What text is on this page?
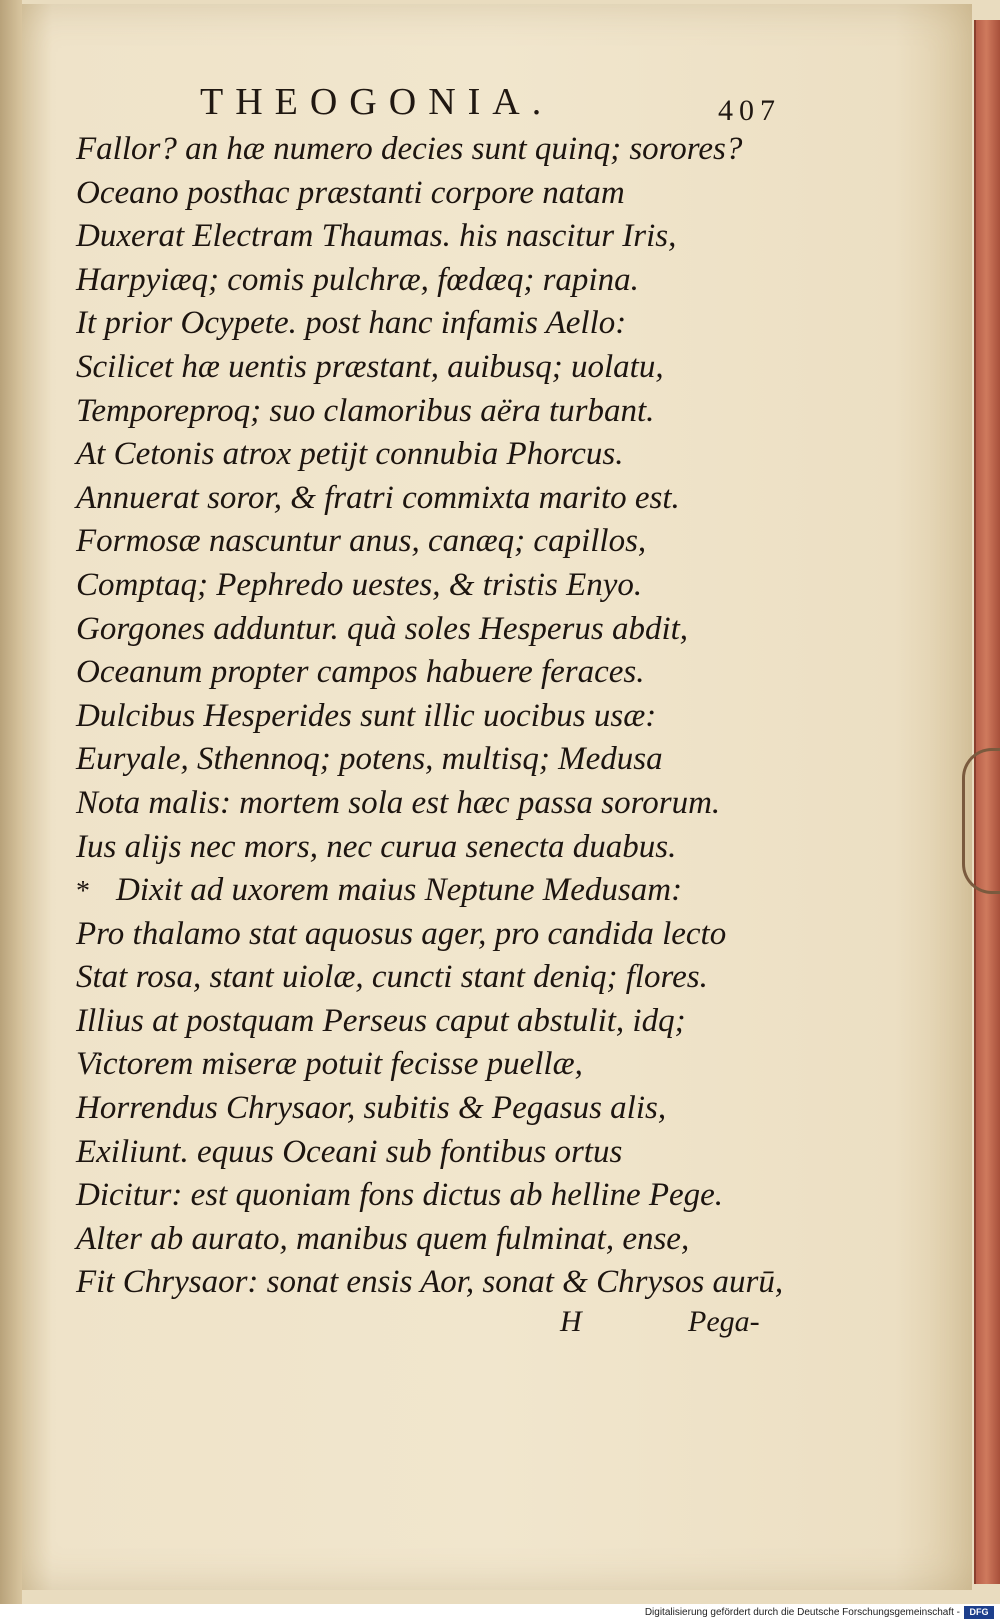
THEOGONIA.	407
Fallor? an hæ numero decies sunt quinq; sorores?
Oceano posthac præstanti corpore natam
Duxerat Electram Thaumas. his nascitur Iris,
Harpyiæq; comis pulchræ, fœdæq; rapina.
It prior Ocypete. post hanc infamis Aello:
Scilicet hæ uentis præstant, auibusq; uolatu,
Temporeproq; suo clamoribus aëra turbant.
At Cetonis atrox petijt connubia Phorcus.
Annuerat soror, & fratri commixta marito est.
Formosæ nascuntur anus, canæq; capillos,
Comptaq; Pephredo uestes, & tristis Enyo.
Gorgones adduntur. quà soles Hesperus abdit,
Oceanum propter campos habuere feraces.
Dulcibus Hesperides sunt illic uocibus usæ:
Euryale, Sthennoq; potens, multisq; Medusa
Nota malis: mortem sola est hæc passa sororum.
Ius alijs nec mors, nec curua senecta duabus.
* Dixit ad uxorem maius Neptune Medusam:
Pro thalamo stat aquosus ager, pro candida lecto
Stat rosa, stant uiolæ, cuncti stant deniq; flores.
Illius at postquam Perseus caput abstulit, idq;
Victorem miseræ potuit fecisse puellæ,
Horrendus Chrysaor, subitis & Pegasus alis,
Exiliunt. equus Oceani sub fontibus ortus
Dicitur: est quoniam fons dictus ab helline Pege.
Alter ab aurato, manibus quem fulminat, ense,
Fit Chrysaor: sonat ensis Aor, sonat & Chrysos aurū,
H	Pega-
Digitalisierung gefördert durch die Deutsche Forschungsgemeinschaft -	DFG
